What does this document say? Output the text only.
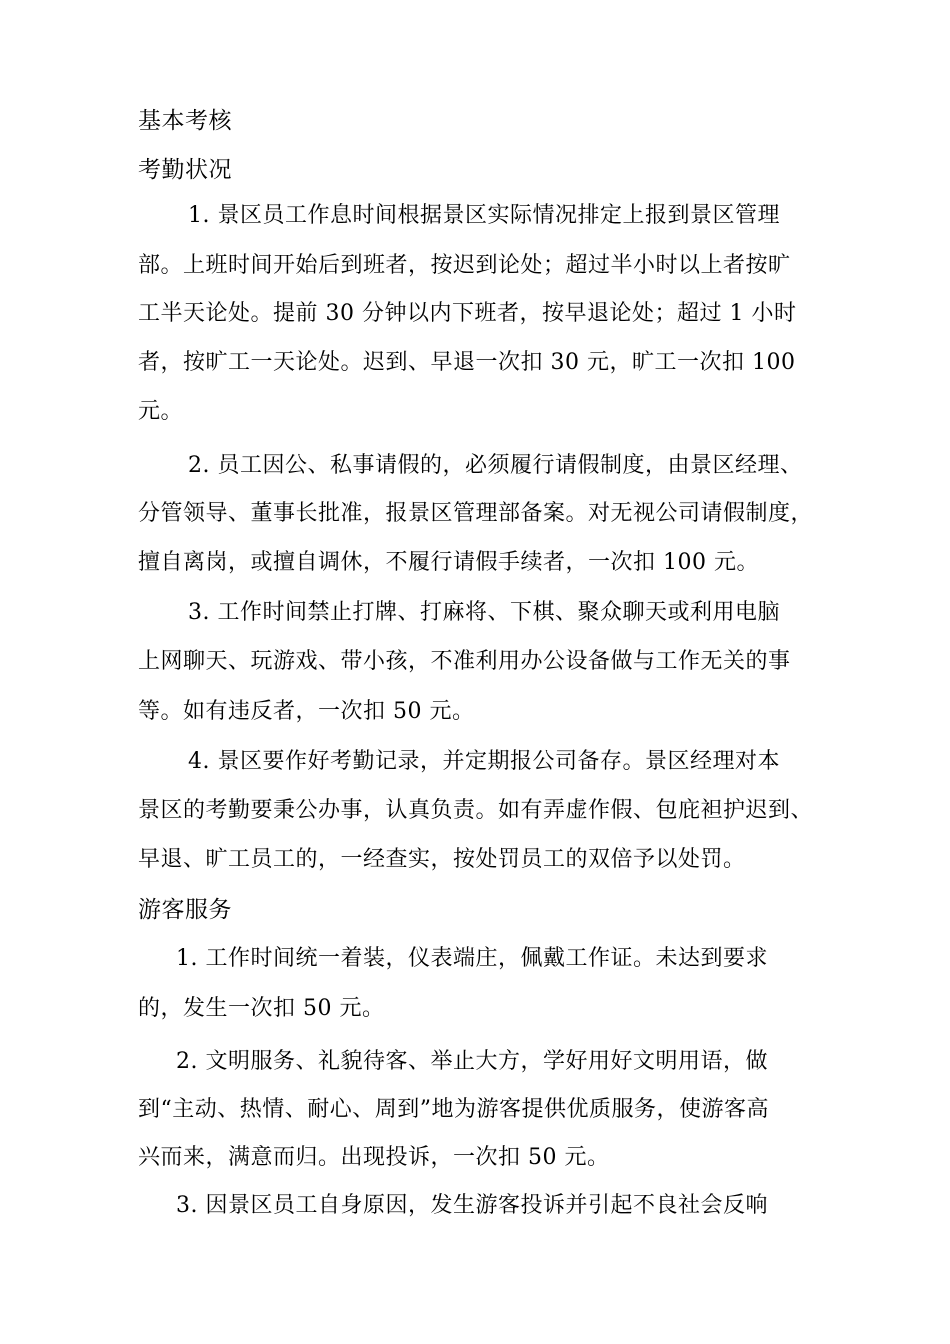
基本考核
考勤状况
1. 景区员工作息时间根据景区实际情况排定上报到景区管理
部。上班时间开始后到班者，按迟到论处；超过半小时以上者按旷
工半天论处。提前 30 分钟以内下班者，按早退论处；超过 1 小时
者，按旷工一天论处。迟到、早退一次扣 30 元，旷工一次扣 100
元。
2. 员工因公、私事请假的，必须履行请假制度，由景区经理、
分管领导、董事长批准，报景区管理部备案。对无视公司请假制度，
擅自离岗，或擅自调休，不履行请假手续者，一次扣 100 元。
3. 工作时间禁止打牌、打麻将、下棋、聚众聊天或利用电脑
上网聊天、玩游戏、带小孩，不准利用办公设备做与工作无关的事
等。如有违反者，一次扣 50 元。
4. 景区要作好考勤记录，并定期报公司备存。景区经理对本
景区的考勤要秉公办事，认真负责。如有弄虚作假、包庇袒护迟到、
早退、旷工员工的，一经查实，按处罚员工的双倍予以处罚。
游客服务
1. 工作时间统一着装，仪表端庄，佩戴工作证。未达到要求
的，发生一次扣 50 元。
2. 文明服务、礼貌待客、举止大方，学好用好文明用语，做
到“主动、热情、耐心、周到”地为游客提供优质服务，使游客高
兴而来，满意而归。出现投诉，一次扣 50 元。
3. 因景区员工自身原因，发生游客投诉并引起不良社会反响
